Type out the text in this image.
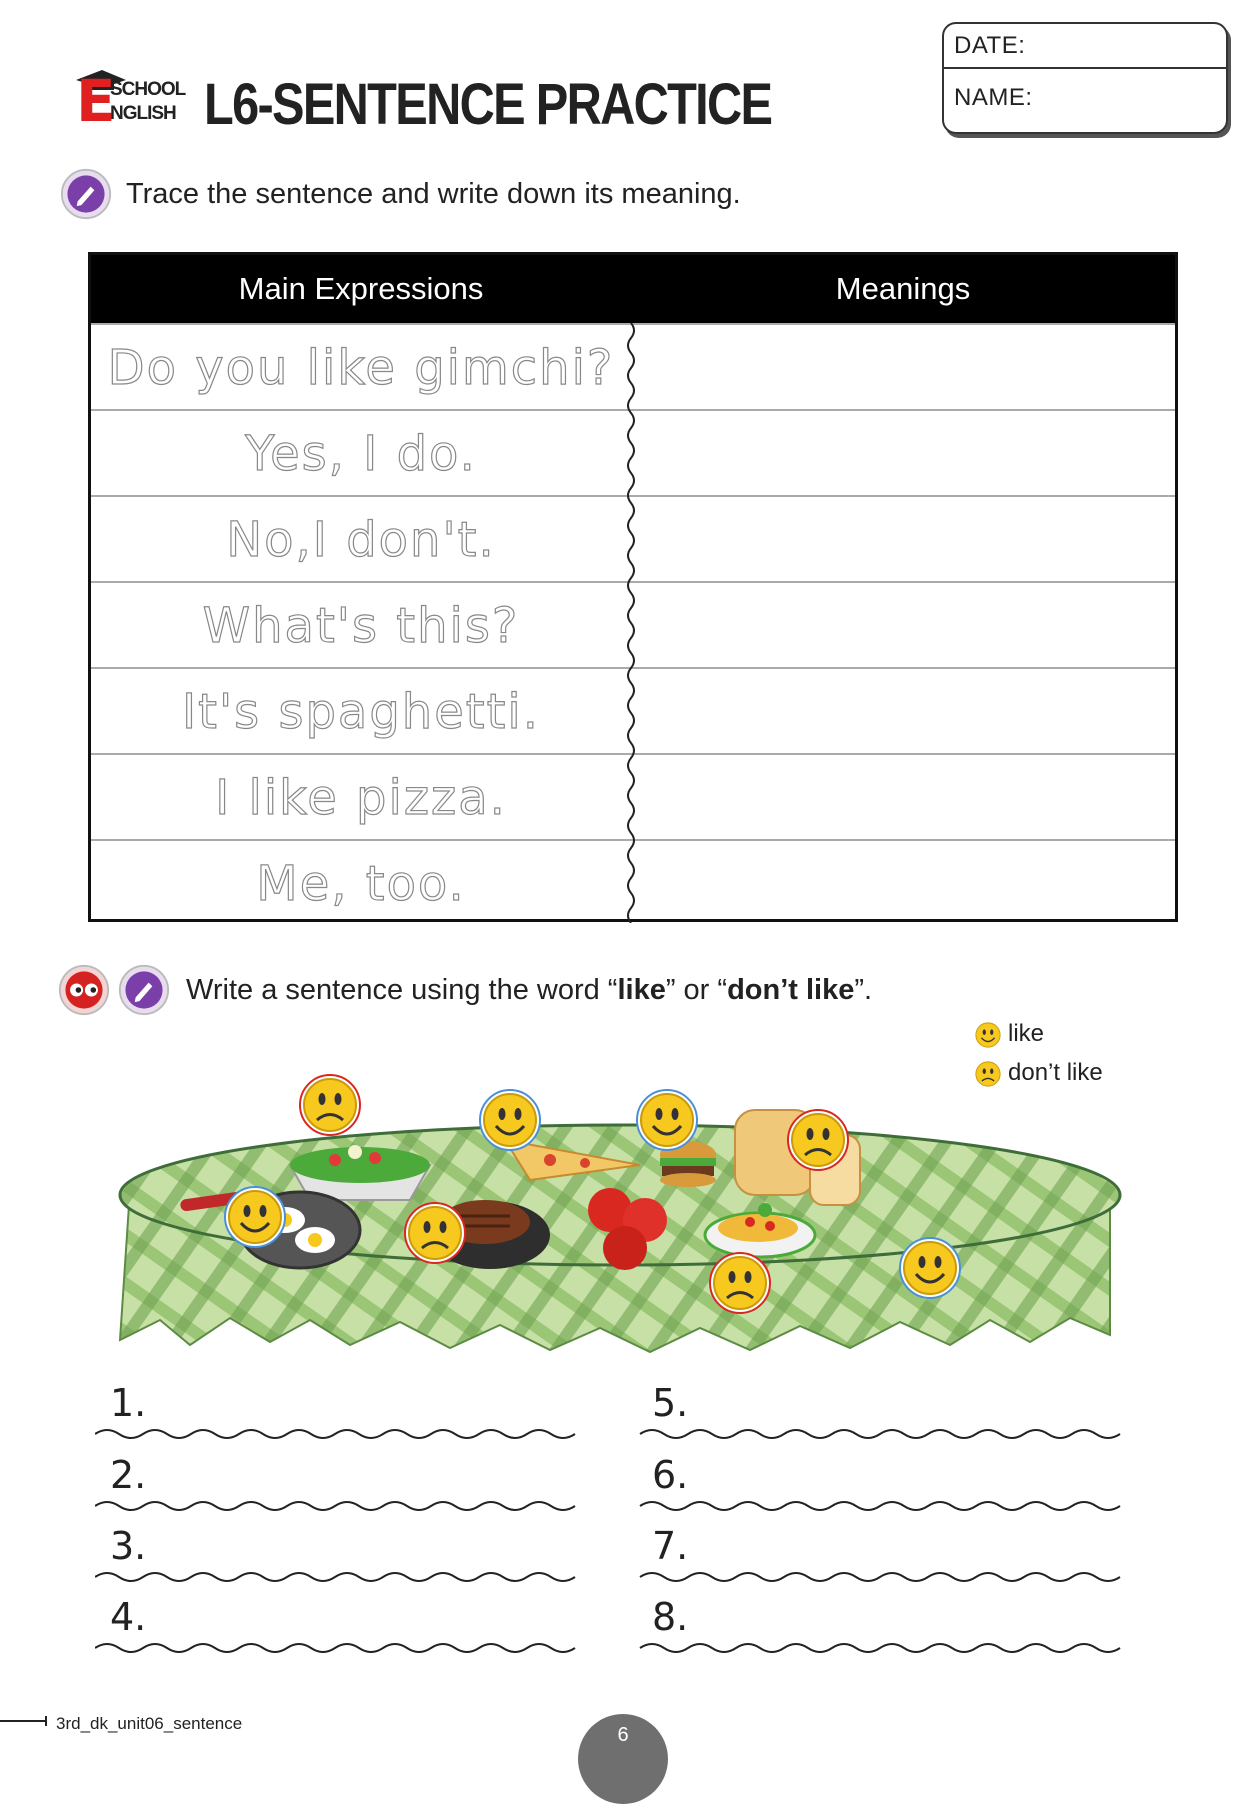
E
SCHOOL
NGLISH L6-SENTENCE PRACTICE
DATE:
NAME:
Trace the sentence and write down its meaning.
Main Expressions	Meanings
Do you like gimchi?
Yes, I do.
No,I don't.
What's this?
It's spaghetti.
I like pizza.
Me, too.
Write a sentence using the word “like” or “don’t like”.
like
don’t like
1.
2.
3.
4.
5.
6.
7.
8.
3rd_dk_unit06_sentence
6
